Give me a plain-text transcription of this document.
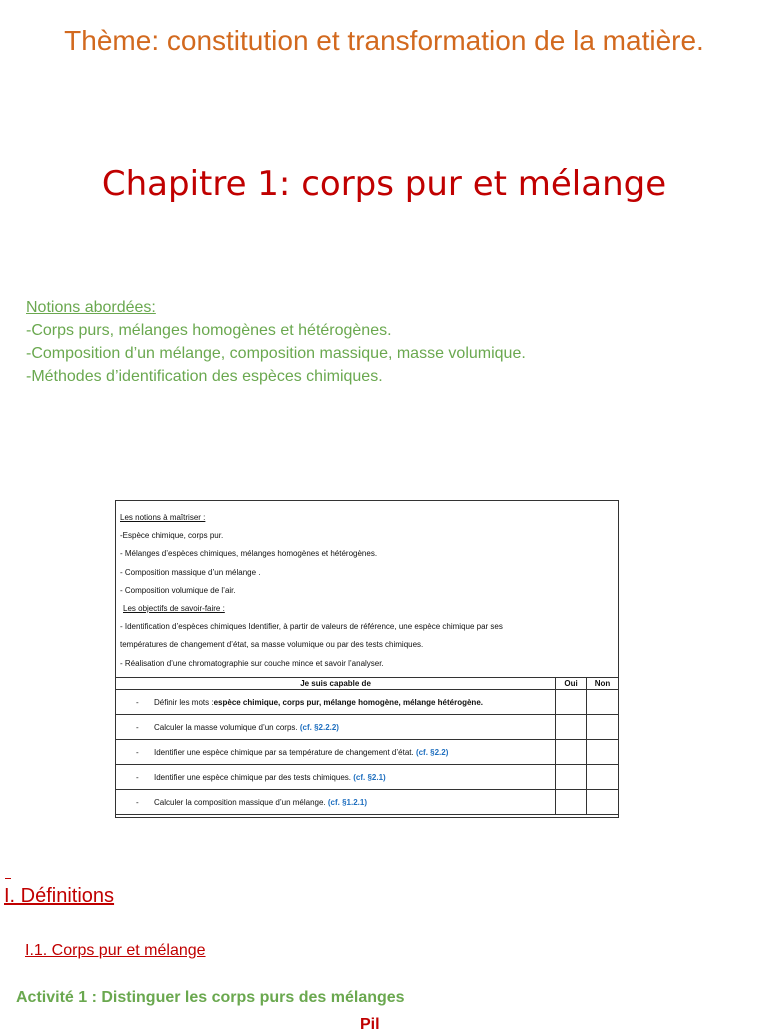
Thème: constitution et transformation de la matière.
Chapitre 1: corps pur et mélange
Notions abordées:
-Corps purs, mélanges homogènes et hétérogènes.
-Composition d’un mélange, composition massique, masse volumique.
-Méthodes d’identification des espèces chimiques.
Les notions à maîtriser :
-Espèce chimique, corps pur.
- Mélanges d’espèces chimiques, mélanges homogènes et hétérogènes.
- Composition massique d’un mélange .
- Composition volumique de l’air.
Les objectifs de savoir-faire :
- Identification d’espèces chimiques Identifier, à partir de valeurs de référence, une espèce chimique par ses
températures de changement d’état, sa masse volumique ou par des tests chimiques.
- Réalisation d’une chromatographie sur couche mince et savoir l’analyser.
Je suis capable de	Oui	Non
- Définir les mots :espèce chimique, corps pur, mélange homogène, mélange hétérogène.		
- Calculer la masse volumique d’un corps. (cf. §2.2.2)		
- Identifier une espèce chimique par sa température de changement d’état. (cf. §2.2)		
- Identifier une espèce chimique par des tests chimiques. (cf. §2.1)		
- Calculer la composition massique d’un mélange. (cf. §1.2.1)		
I. Définitions
I.1. Corps pur et mélange
Activité 1 : Distinguer les corps purs des mélanges
Pil
